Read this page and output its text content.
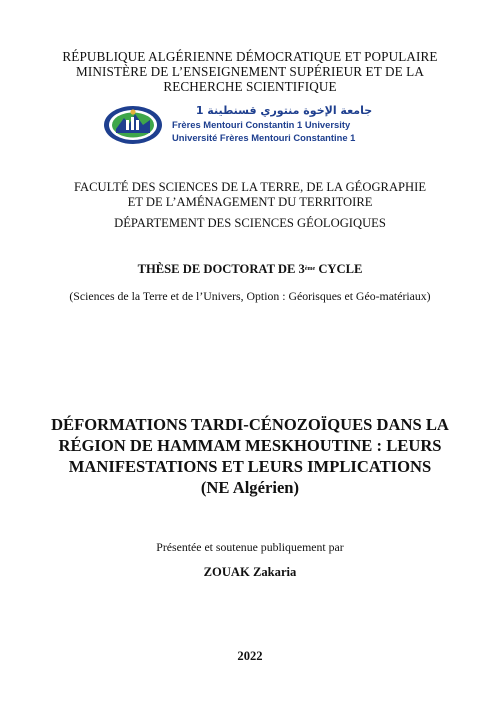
RÉPUBLIQUE ALGÉRIENNE DÉMOCRATIQUE ET POPULAIRE
MINISTÈRE DE L’ENSEIGNEMENT SUPÉRIEUR ET DE LA
RECHERCHE SCIENTIFIQUE
جامعة الإخوة منتوري قسنطينة 1
Frères Mentouri Constantin 1 University
Université Frères Mentouri Constantine 1
FACULTÉ DES SCIENCES DE LA TERRE, DE LA GÉOGRAPHIE
ET DE L’AMÉNAGEMENT DU TERRITOIRE
DÉPARTEMENT DES SCIENCES GÉOLOGIQUES
THÈSE DE DOCTORAT DE 3ème CYCLE
(Sciences de la Terre et de l’Univers, Option : Géorisques et Géo-matériaux)
DÉFORMATIONS TARDI-CÉNOZOÏQUES DANS LA
RÉGION DE HAMMAM MESKHOUTINE : LEURS
MANIFESTATIONS ET LEURS IMPLICATIONS
(NE Algérien)
Présentée et soutenue publiquement par
ZOUAK Zakaria
2022
